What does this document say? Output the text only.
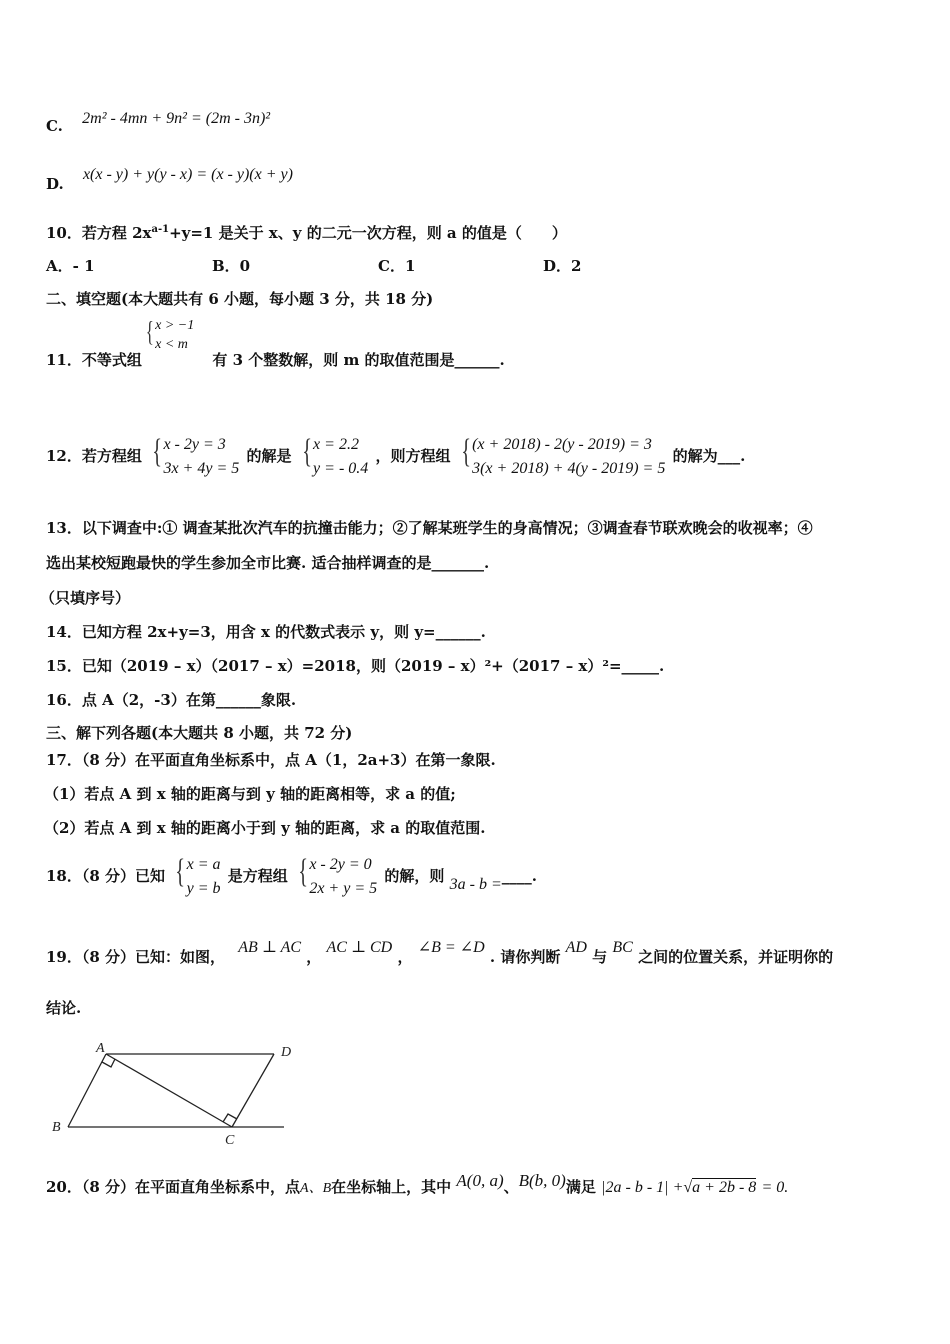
C. 2m² - 4mn + 9n² = (2m - 3n)²
D. x(x - y) + y(y - x) = (x - y)(x + y)
10．若方程 $2x^{a-1}+y=1$ 是关于 x、y 的二元一次方程，则 a 的值是（　　）
A．- 1	B．0	C．1	D．2
二、填空题(本大题共有 6 小题，每小题 3 分，共 18 分)
11．不等式组
{ x > −1
x < m
有 3 个整数解，则 m 的取值范围是______.
12．若方程组 { x - 2y = 3
3x + 4y = 5
的解是 { x = 2.2
y = - 0.4
，则方程组 { (x + 2018) - 2(y - 2019) = 3
3(x + 2018) + 4(y - 2019) = 5
的解为___.
13．以下调查中:① 调查某批次汽车的抗撞击能力；②了解某班学生的身高情况；③调查春节联欢晚会的收视率；④
选出某校短跑最快的学生参加全市比赛. 适合抽样调查的是_______.
（只填序号）
14．已知方程 2x+y=3，用含 x 的代数式表示 y，则 y=______.
15．已知（2019 – x）（2017 – x）=2018，则（2019 – x）²+（2017 – x）²=_____.
16．点 A（2，-3）在第______象限.
三、解下列各题(本大题共 8 小题，共 72 分)
17．（8 分）在平面直角坐标系中，点 A（1，2a+3）在第一象限.
（1）若点 A 到 x 轴的距离与到 y 轴的距离相等，求 a 的值;
（2）若点 A 到 x 轴的距离小于到 y 轴的距离，求 a 的取值范围.
18．（8 分）已知 { x = a
y = b
是方程组 { x - 2y = 0
2x + y = 5
的解，则 3a - b =____.
19．（8 分）已知：如图， AB ⊥ AC ， AC ⊥ CD ， ∠B = ∠D . 请你判断 AD 与 BC 之间的位置关系，并证明你的
结论.
A	D
B
C
20．（8 分）在平面直角坐标系中，点A、B在坐标轴上，其中 A(0, a)、B(b, 0)满足 |2a - b - 1| +√a + 2b - 8 = 0.
